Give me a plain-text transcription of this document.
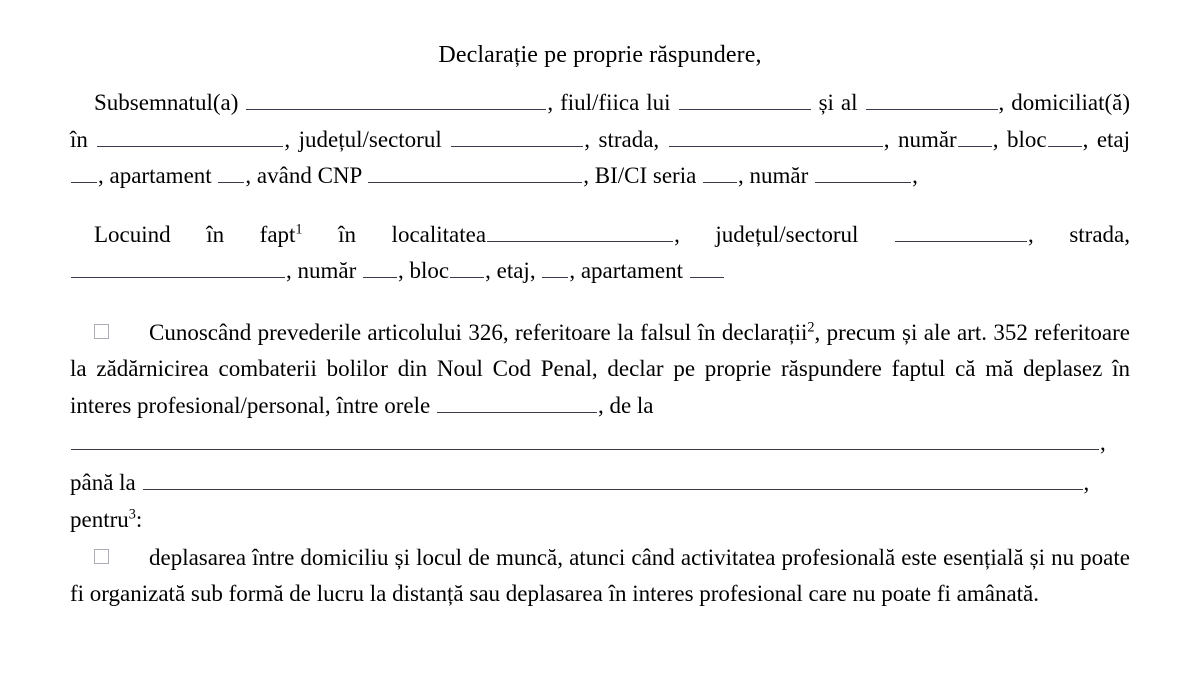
Declarație pe proprie răspundere,
Subsemnatul(a)	, fiul/fiica lui	și al	, domiciliat(ă) în	, județul/sectorul	, strada,	, număr , bloc , etaj, apartament , având CNP	, BI/CI seria , număr	,
Locuind în fapt$^1$ în localitatea	, județul/sectorul	, strada, , număr , bloc , etaj, , apartament
Cunoscând prevederile articolului 326, referitoare la falsul în declarații$^2$, precum și ale art. 352 referitoare la zădărnicirea combaterii bolilor din Noul Cod Penal, declar pe proprie răspundere faptul că mă deplasez în interes profesional/personal, între orele	, de la
,
până la	,
pentru$^3$:
deplasarea între domiciliu și locul de muncă, atunci când activitatea profesională este esențială și nu poate fi organizată sub formă de lucru la distanță sau deplasarea în interes profesional care nu poate fi amânată.
